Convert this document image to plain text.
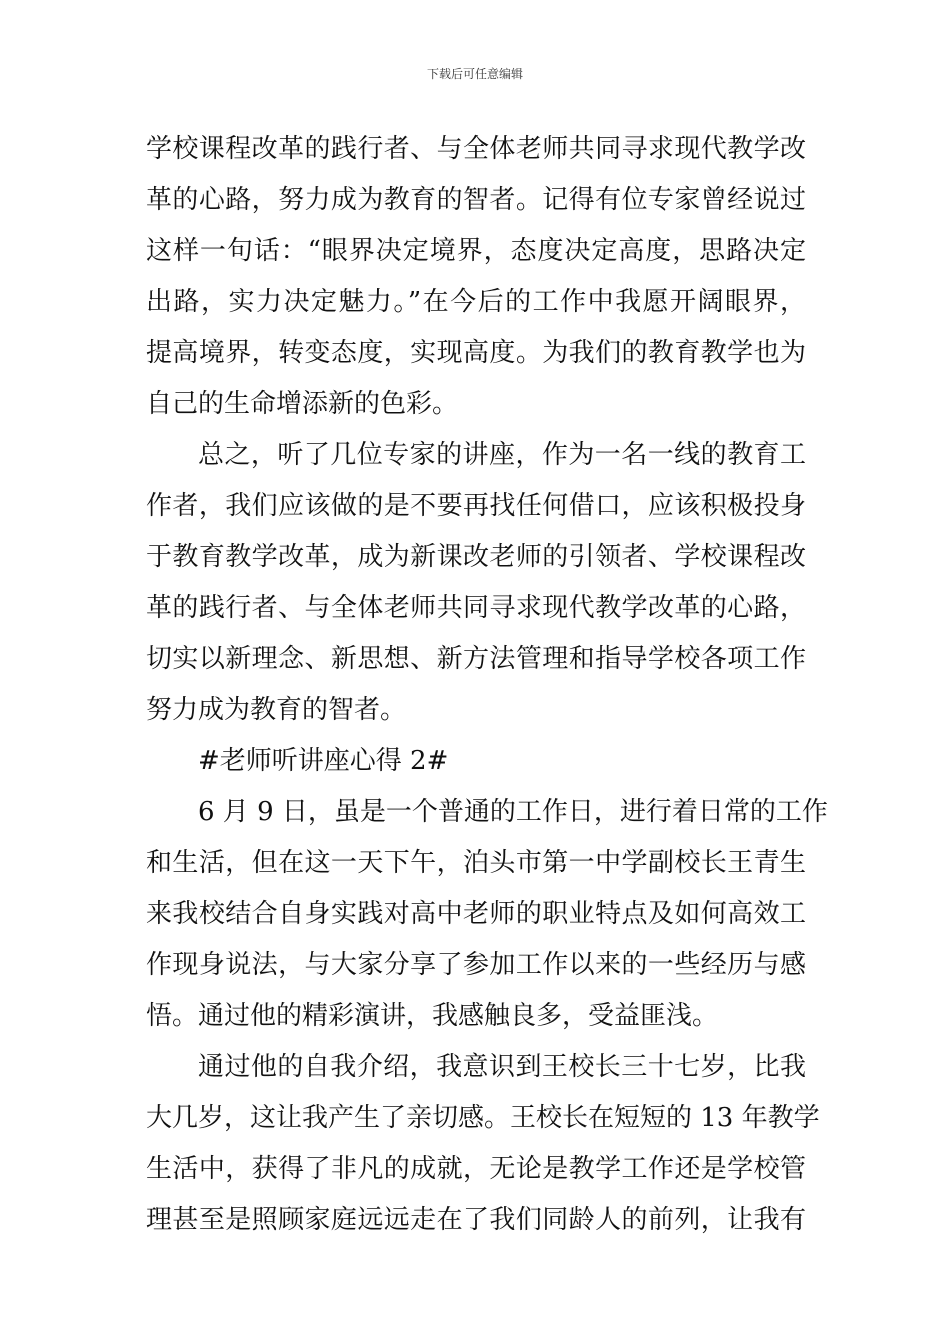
下载后可任意编辑
学校课程改革的践行者、与全体老师共同寻求现代教学改
革的心路，努力成为教育的智者。记得有位专家曾经说过
这样一句话：“眼界决定境界，态度决定高度，思路决定
出路，实力决定魅力。”在今后的工作中我愿开阔眼界，
提高境界，转变态度，实现高度。为我们的教育教学也为
自己的生命增添新的色彩。
总之，听了几位专家的讲座，作为一名一线的教育工
作者，我们应该做的是不要再找任何借口，应该积极投身
于教育教学改革，成为新课改老师的引领者、学校课程改
革的践行者、与全体老师共同寻求现代教学改革的心路，
切实以新理念、新思想、新方法管理和指导学校各项工作
努力成为教育的智者。
#老师听讲座心得 2#
6 月 9 日，虽是一个普通的工作日，进行着日常的工作
和生活，但在这一天下午，泊头市第一中学副校长王青生
来我校结合自身实践对高中老师的职业特点及如何高效工
作现身说法，与大家分享了参加工作以来的一些经历与感
悟。通过他的精彩演讲，我感触良多，受益匪浅。
通过他的自我介绍，我意识到王校长三十七岁，比我
大几岁，这让我产生了亲切感。王校长在短短的 13 年教学
生活中，获得了非凡的成就，无论是教学工作还是学校管
理甚至是照顾家庭远远走在了我们同龄人的前列，让我有
